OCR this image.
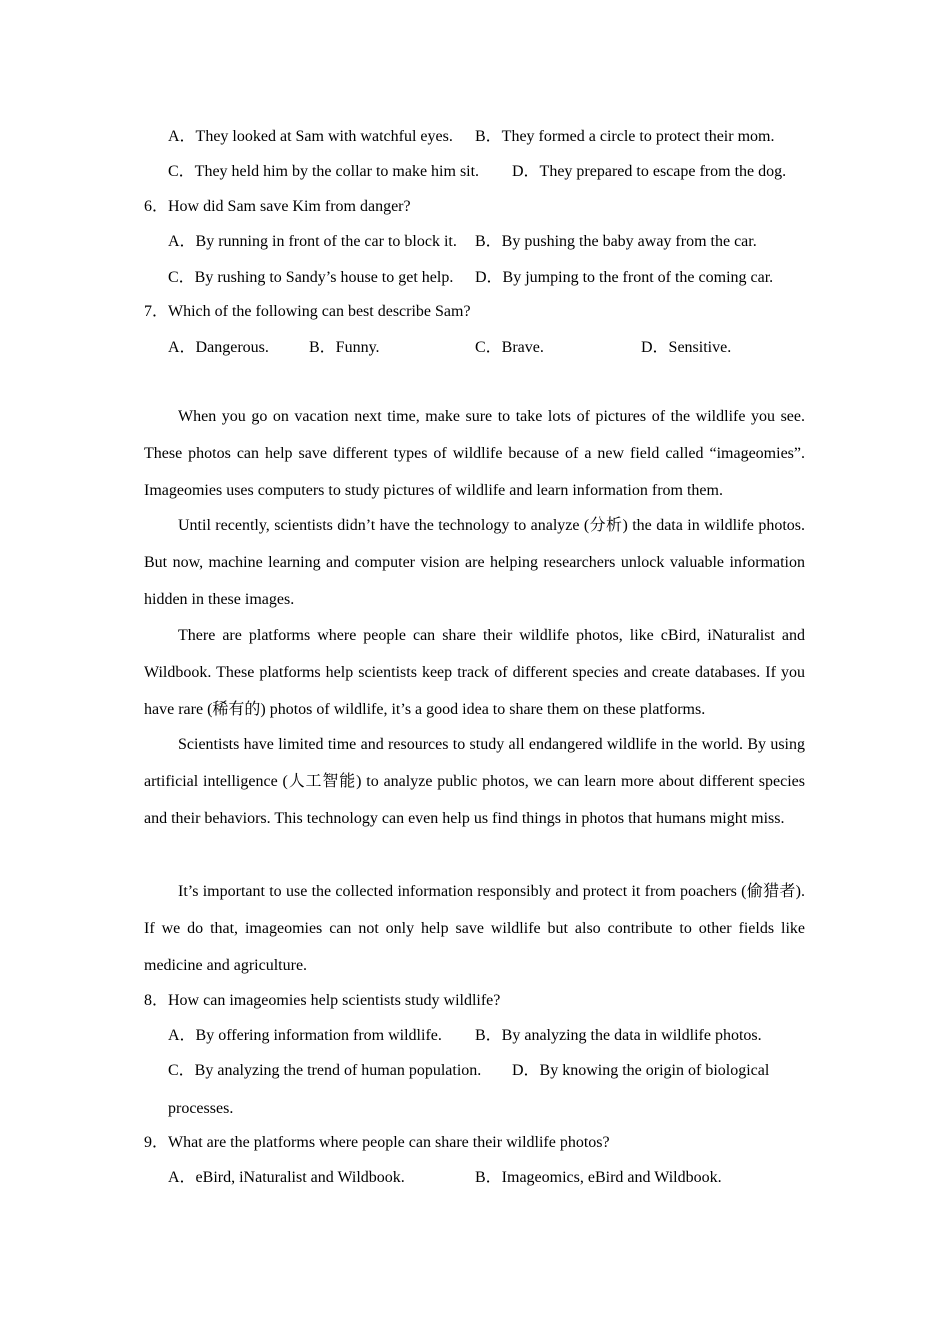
A．They looked at Sam with watchful eyes. B．They formed a circle to protect their mom.
C．They held him by the collar to make him sit. D．They prepared to escape from the dog.
6．How did Sam save Kim from danger?
A．By running in front of the car to block it. B．By pushing the baby away from the car.
C．By rushing to Sandy’s house to get help. D．By jumping to the front of the coming car.
7．Which of the following can best describe Sam?
A．Dangerous.	B．Funny.	C．Brave.	D．Sensitive.
When you go on vacation next time, make sure to take lots of pictures of the wildlife you see. These photos can help save different types of wildlife because of a new field called “imageomies”. Imageomies uses computers to study pictures of wildlife and learn information from them.
Until recently, scientists didn’t have the technology to analyze (分析) the data in wildlife photos. But now, machine learning and computer vision are helping researchers unlock valuable information hidden in these images.
There are platforms where people can share their wildlife photos, like cBird, iNaturalist and Wildbook. These platforms help scientists keep track of different species and create databases. If you have rare (稀有的) photos of wildlife, it’s a good idea to share them on these platforms.
Scientists have limited time and resources to study all endangered wildlife in the world. By using artificial intelligence (人工智能) to analyze public photos, we can learn more about different species and their behaviors. This technology can even help us find things in photos that humans might miss.
It’s important to use the collected information responsibly and protect it from poachers (偷猎者). If we do that, imageomies can not only help save wildlife but also contribute to other fields like medicine and agriculture.
8．How can imageomies help scientists study wildlife?
A．By offering information from wildlife. B．By analyzing the data in wildlife photos.
C．By analyzing the trend of human population. D．By knowing the origin of biological
processes.
9．What are the platforms where people can share their wildlife photos?
A．eBird, iNaturalist and Wildbook.	B．Imageomics, eBird and Wildbook.
